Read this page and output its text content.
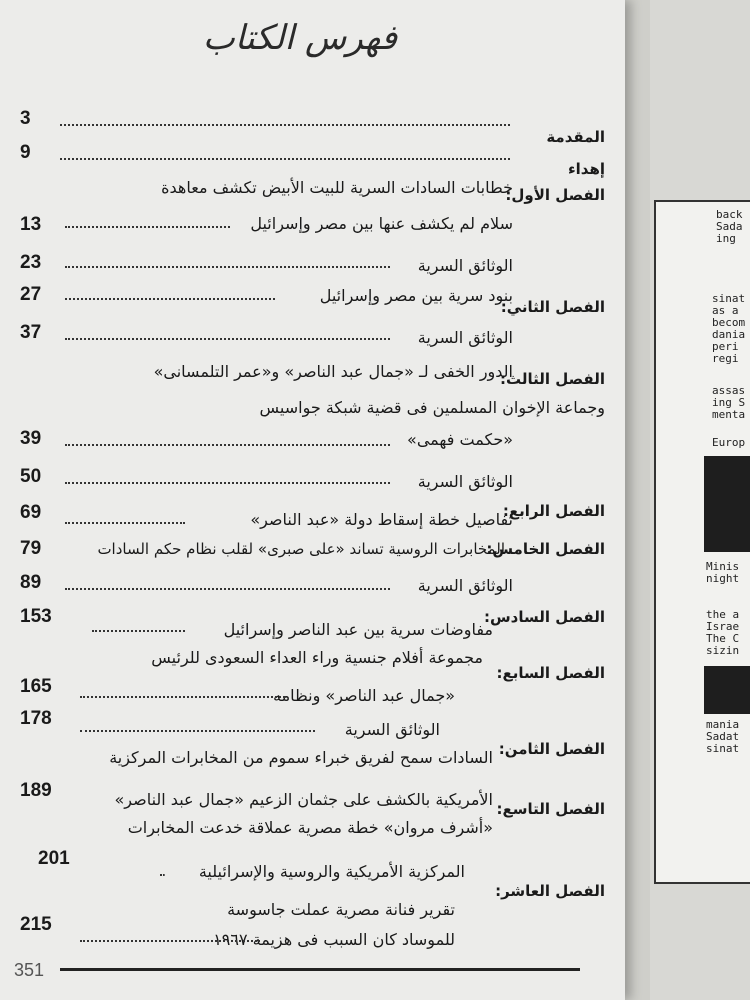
فهرس الكتاب
المقدمة
3
إهداء
9
الفصل الأول:
خطابات السادات السرية للبيت الأبيض تكشف معاهدة
سلام لم يكشف عنها بين مصر وإسرائيل
13
الوثائق السرية
23
الفصل الثاني:
بنود سرية بين مصر وإسرائيل
27
الوثائق السرية
37
الفصل الثالث:
الدور الخفى لـ «جمال عبد الناصر» و«عمر التلمسانى»
وجماعة الإخوان المسلمين فى قضية شبكة جواسيس
«حكمت فهمى»
39
الوثائق السرية
50
الفصل الرابع:
تفاصيل خطة إسقاط دولة «عبد الناصر»
69
الفصل الخامس:
المخابرات الروسية تساند «على صبرى» لقلب نظام حكم السادات
79
الوثائق السرية
89
الفصل السادس:
مفاوضات سرية بين عبد الناصر وإسرائيل
153
الفصل السابع:
مجموعة أفلام جنسية وراء العداء السعودى للرئيس
«جمال عبد الناصر» ونظامه
165
الوثائق السرية
178
الفصل الثامن:
السادات سمح لفريق خبراء سموم من المخابرات المركزية
الأمريكية بالكشف على جثمان الزعيم «جمال عبد الناصر»
189
الفصل التاسع:
«أشرف مروان» خطة مصرية عملاقة خدعت المخابرات
المركزية الأمريكية والروسية والإسرائيلية
201
الفصل العاشر:
تقرير فنانة مصرية عملت جاسوسة
للموساد كان السبب فى هزيمة ١٩٦٧
215
351
back
Sada
ing
sinat
as a
becom
dania
peri
regi
assas
ing S
menta
Europ
Minis
night
the a
Israe
The C
sizin
mania
Sadat
sinat
